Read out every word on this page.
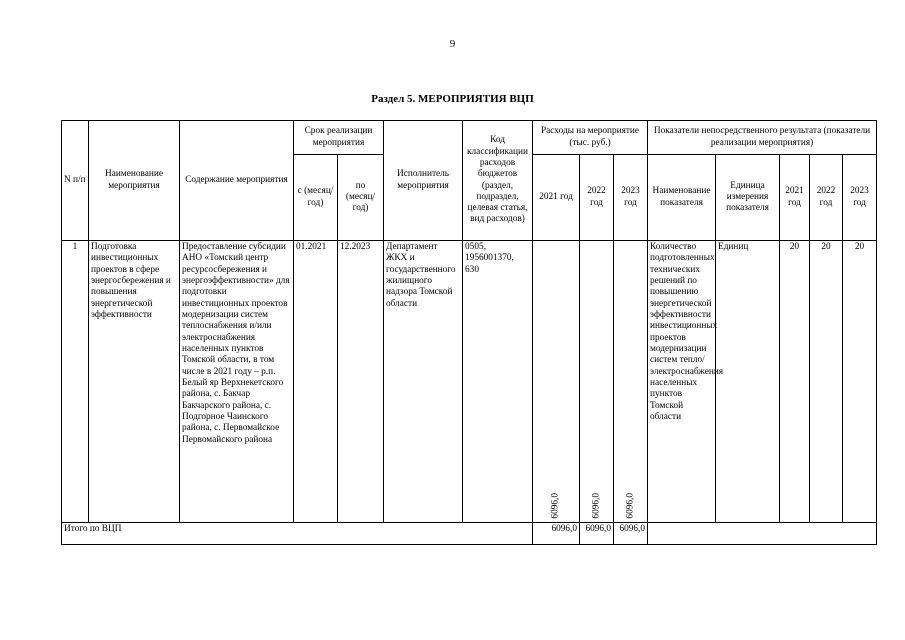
9
Раздел 5. МЕРОПРИЯТИЯ ВЦП
N п/п	Наименование мероприятия	Содержание мероприятия	Срок реализации мероприятия		Исполнитель мероприятия	Код классификации расходов бюджетов (раздел, подраздел, целевая статья, вид расходов)	Расходы на мероприятие (тыс. руб.)			Показатели непосредственного результата (показатели реализации мероприятия)				
			с (месяц/ год)	по (месяц/ год)			2021 год	2022 год	2023 год	Наименование показателя	Единица измерения показателя	2021 год	2022 год	2023 год
1	Подготовка инвестиционных проектов в сфере энергосбережения и повышения энергетической эффективности	Предоставление субсидии АНО «Томский центр ресурсосбережения и энергоэффективности» для подготовки инвестиционных проектов модернизации систем теплоснабжения и/или электроснабжения населенных пунктов Томской области, в том числе в 2021 году – р.п. Белый яр Верхнекетского района, с. Бакчар Бакчарского района, с. Подгорное Чаинского района, с. Первомайское Первомайского района	01.2021	12.2023	Департамент ЖКХ и государственного жилищного надзора Томской области	0505, 1956001370, 630	6096,0	6096,0	6096,0	Количество подготовленных технических решений по повышению энергетической эффективности инвестиционных проектов модернизации систем тепло/электроснабжения населенных пунктов Томской области	Единиц	20	20	20
Итого по ВЦП							6096,0	6096,0	6096,0					
